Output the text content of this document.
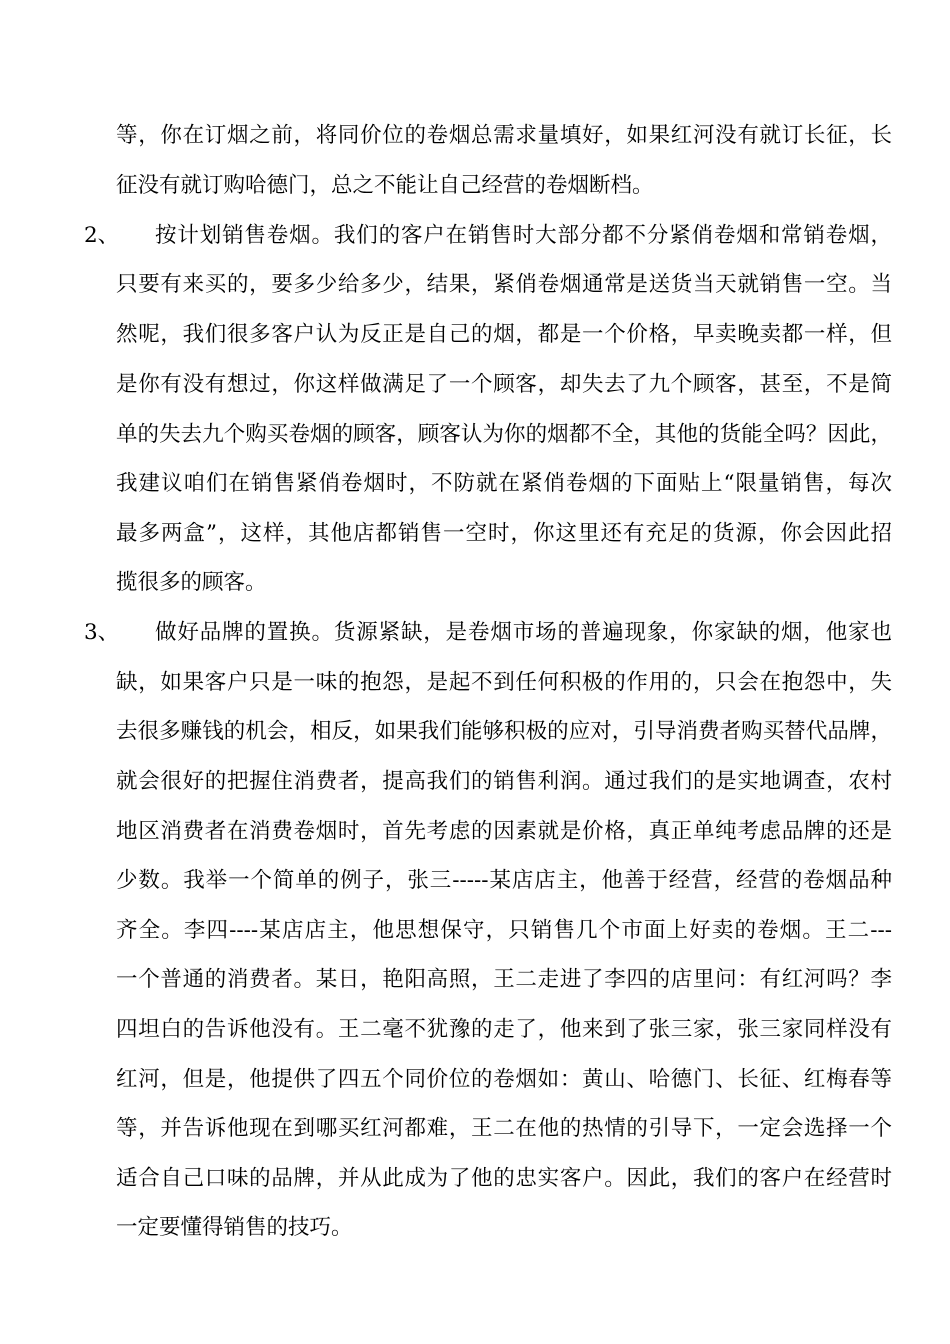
等，你在订烟之前，将同价位的卷烟总需求量填好，如果红河没有就订长征，长
征没有就订购哈德门，总之不能让自己经营的卷烟断档。
2、 按计划销售卷烟。我们的客户在销售时大部分都不分紧俏卷烟和常销卷烟，
只要有来买的，要多少给多少，结果，紧俏卷烟通常是送货当天就销售一空。当
然呢，我们很多客户认为反正是自己的烟，都是一个价格，早卖晚卖都一样，但
是你有没有想过，你这样做满足了一个顾客，却失去了九个顾客，甚至，不是简
单的失去九个购买卷烟的顾客，顾客认为你的烟都不全，其他的货能全吗？因此，
我建议咱们在销售紧俏卷烟时，不防就在紧俏卷烟的下面贴上“限量销售，每次
最多两盒”，这样，其他店都销售一空时，你这里还有充足的货源，你会因此招
揽很多的顾客。
3、 做好品牌的置换。货源紧缺，是卷烟市场的普遍现象，你家缺的烟，他家也
缺，如果客户只是一味的抱怨，是起不到任何积极的作用的，只会在抱怨中，失
去很多赚钱的机会，相反，如果我们能够积极的应对，引导消费者购买替代品牌，
就会很好的把握住消费者，提高我们的销售利润。通过我们的是实地调查，农村
地区消费者在消费卷烟时，首先考虑的因素就是价格，真正单纯考虑品牌的还是
少数。我举一个简单的例子，张三-----某店店主，他善于经营，经营的卷烟品种
齐全。李四----某店店主，他思想保守，只销售几个市面上好卖的卷烟。王二---
一个普通的消费者。某日，艳阳高照，王二走进了李四的店里问：有红河吗？李
四坦白的告诉他没有。王二毫不犹豫的走了，他来到了张三家，张三家同样没有
红河，但是，他提供了四五个同价位的卷烟如：黄山、哈德门、长征、红梅春等
等，并告诉他现在到哪买红河都难，王二在他的热情的引导下，一定会选择一个
适合自己口味的品牌，并从此成为了他的忠实客户。因此，我们的客户在经营时
一定要懂得销售的技巧。
